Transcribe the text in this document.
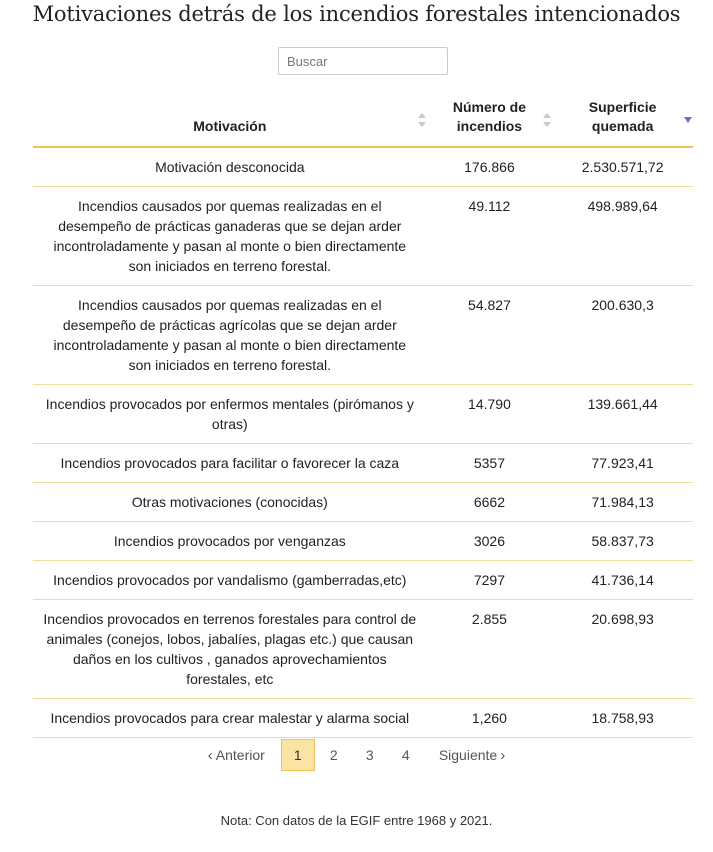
Motivaciones detrás de los incendios forestales intencionados
Buscar
Motivación	Número de incendios	Superficie quemada

Motivación desconocida	176.866	2.530.571,72
Incendios causados por quemas realizadas en el desempeño de prácticas ganaderas que se dejan arder incontroladamente y pasan al monte o bien directamente son iniciados en terreno forestal.	49.112	498.989,64
Incendios causados por quemas realizadas en el desempeño de prácticas agrícolas que se dejan arder incontroladamente y pasan al monte o bien directamente son iniciados en terreno forestal.	54.827	200.630,3
Incendios provocados por enfermos mentales (pirómanos y otras)	14.790	139.661,44
Incendios provocados para facilitar o favorecer la caza	5357	77.923,41
Otras motivaciones (conocidas)	6662	71.984,13
Incendios provocados por venganzas	3026	58.837,73
Incendios provocados por vandalismo (gamberradas,etc)	7297	41.736,14
Incendios provocados en terrenos forestales para control de animales (conejos, lobos, jabalíes, plagas etc.) que causan daños en los cultivos , ganados aprovechamientos forestales, etc	2.855	20.698,93
Incendios provocados para crear malestar y alarma social	1,260	18.758,93
‹ Anterior	1	2	3	4	Siguiente ›
Nota: Con datos de la EGIF entre 1968 y 2021.
